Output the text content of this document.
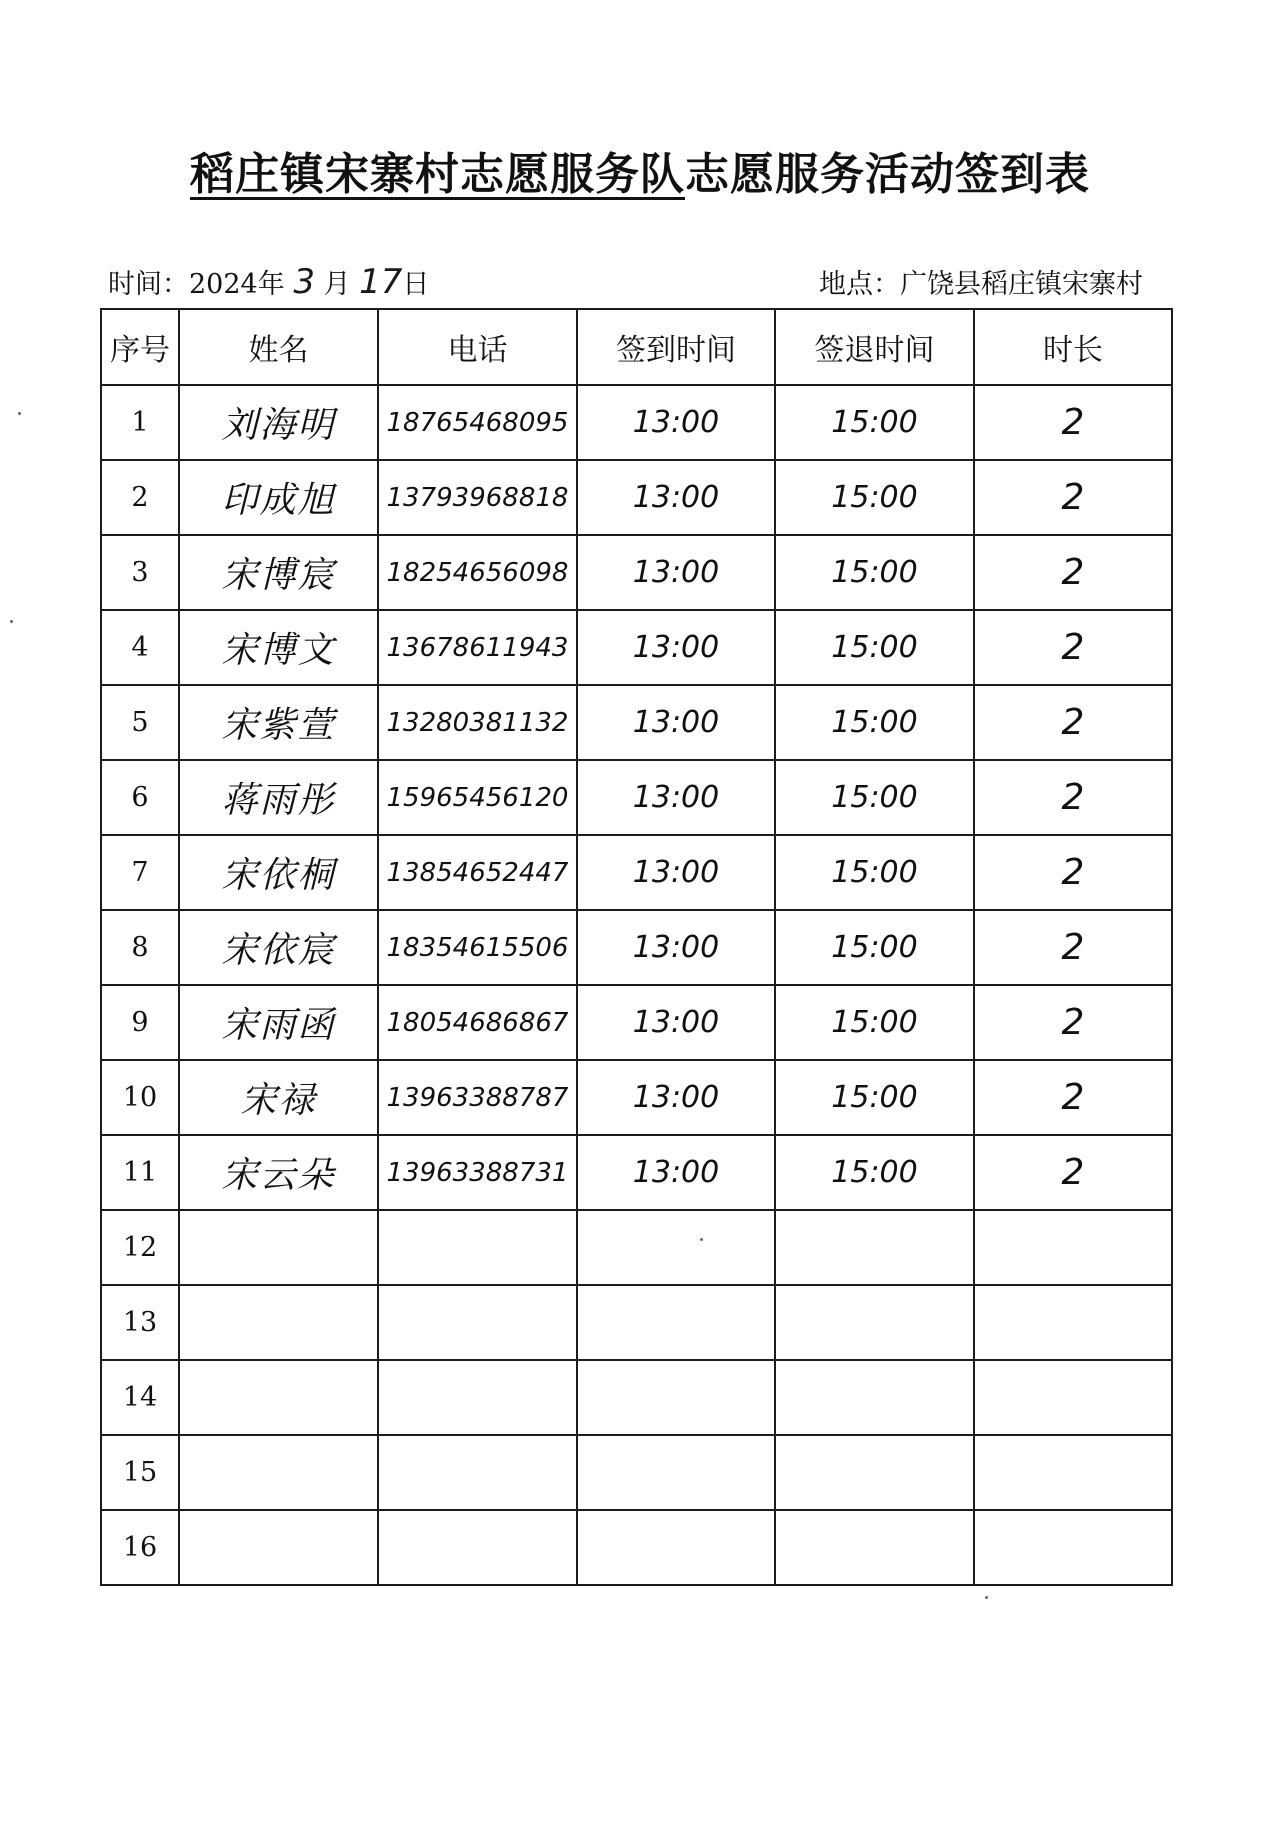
稻庄镇宋寨村志愿服务队志愿服务活动签到表
时间：2024年 3 月 17日	地点：广饶县稻庄镇宋寨村
序号	姓名	电话	签到时间	签退时间	时长
1	刘海明	18765468095	13:00	15:00	2
2	印成旭	13793968818	13:00	15:00	2
3	宋博宸	18254656098	13:00	15:00	2
4	宋博文	13678611943	13:00	15:00	2
5	宋紫萱	13280381132	13:00	15:00	2
6	蒋雨彤	15965456120	13:00	15:00	2
7	宋依桐	13854652447	13:00	15:00	2
8	宋依宸	18354615506	13:00	15:00	2
9	宋雨函	18054686867	13:00	15:00	2
10	宋禄	13963388787	13:00	15:00	2
11	宋云朵	13963388731	13:00	15:00	2
12					
13					
14					
15					
16					
